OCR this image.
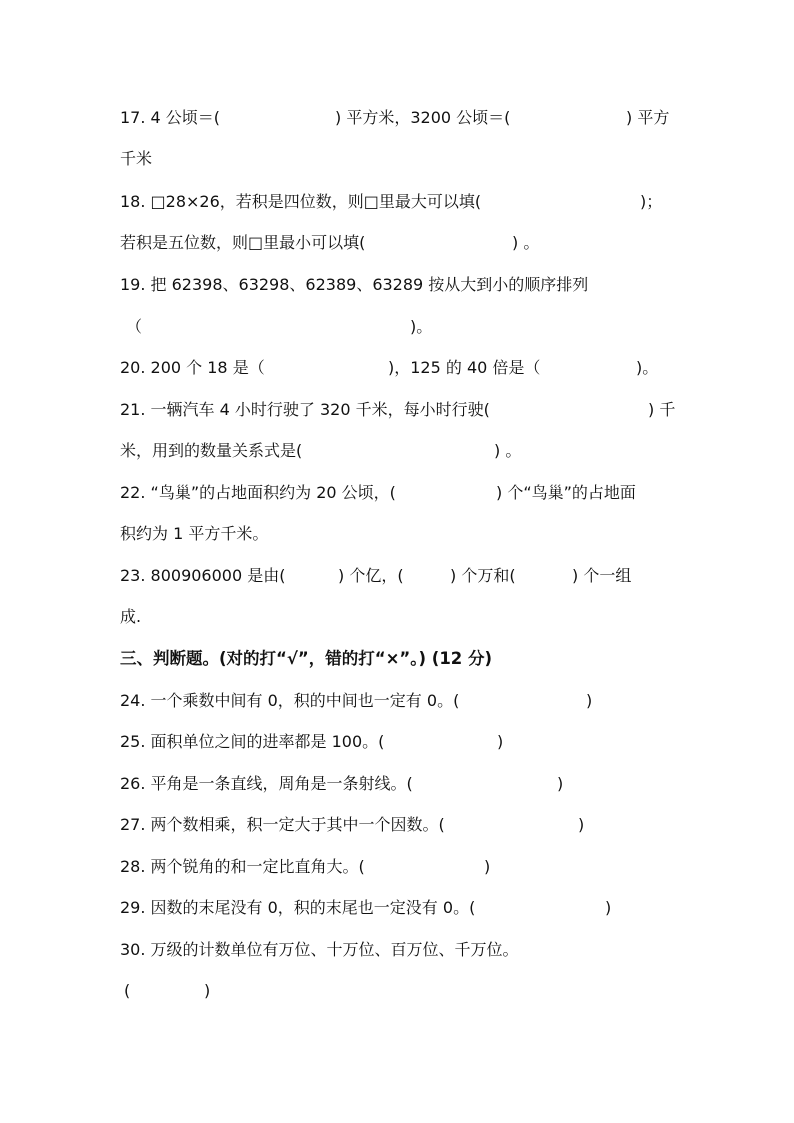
17. 4 公顷＝(	) 平方米，3200 公顷＝(	) 平方
千米
18. □28×26，若积是四位数，则□里最大可以填(	)；
若积是五位数，则□里最小可以填(	) 。
19. 把 62398、63298、62389、63289 按从大到小的顺序排列
（	)。
20. 200 个 18 是（	)，125 的 40 倍是（	)。
21. 一辆汽车 4 小时行驶了 320 千米，每小时行驶(	) 千
米，用到的数量关系式是(	) 。
22. “鸟巢”的占地面积约为 20 公顷，(	) 个“鸟巢”的占地面
积约为 1 平方千米。
23. 800906000 是由(	) 个亿，(	) 个万和(	) 个一组
成.
三、判断题。(对的打“√”，错的打“×”。) (12 分)
24. 一个乘数中间有 0，积的中间也一定有 0。(	)
25. 面积单位之间的进率都是 100。(	)
26. 平角是一条直线，周角是一条射线。(	)
27. 两个数相乘，积一定大于其中一个因数。(	)
28. 两个锐角的和一定比直角大。(	)
29. 因数的末尾没有 0，积的末尾也一定没有 0。(	)
30. 万级的计数单位有万位、十万位、百万位、千万位。
(	)
